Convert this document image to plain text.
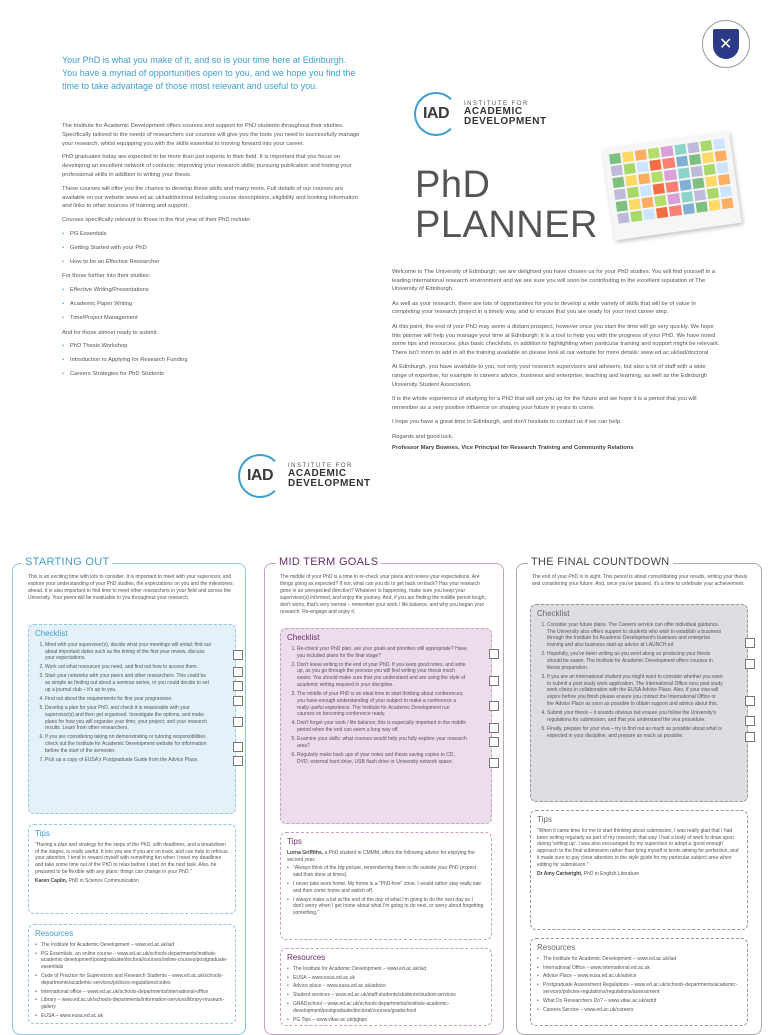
Your PhD is what you make of it, and so is your time here at Edinburgh. You have a myriad of opportunities open to you, and we hope you find the time to take advantage of those most relevant and useful to you.

The Institute for Academic Development offers courses and support for PhD students throughout their studies. Specifically tailored to the needs of researchers our courses will give you the tools you need to successfully manage your research, whilst equipping you with the skills essential to moving forward into your career.

PhD graduates today are expected to be more than just experts in their field. It is important that you focus on developing an excellent network of contacts; improving your research skills; pursuing publication and honing your professional skills in addition to writing your thesis.

These courses will offer you the chance to develop these skills and many more. Full details of our courses are available on our website www.ed.ac.uk/iad/doctoral including course descriptions, eligibility and booking information and links to other sources of training and support.

Courses specifically relevant to those in the first year of their PhD include:

• PG Essentials
• Getting Started with your PhD
• How to be an Effective Researcher

For those further into their studies:

• Effective Writing/Presentations
• Academic Paper Writing
• Time/Project Management

And for those almost ready to submit:

• PhD Thesis Workshop
• Introduction to Applying for Research Funding
• Careers Strategies for PhD Students
✕
IAD
INSTITUTE FOR
ACADEMIC
DEVELOPMENT
PhD
PLANNER

Welcome to The University of Edinburgh; we are delighted you have chosen us for your PhD studies. You will find yourself in a leading international research environment and we are sure you will soon be contributing to the excellent reputation of The University of Edinburgh.

As well as your research, there are lots of opportunities for you to develop a wide variety of skills that will be of value in completing your research project in a timely way, and to ensure that you are ready for your next career step.

At this point, the end of your PhD may seem a distant prospect, however once you start the time will go very quickly. We hope this planner will help you manage your time at Edinburgh; it is a tool to help you with the progress of your PhD. We have noted some tips and resources, plus basic checklists, in addition to highlighting when particular training and support might be relevant. There isn't room to add in all the training available so please look at our website for more details: www.ed.ac.uk/iad/doctoral

At Edinburgh, you have available to you, not only your research supervisors and advisers, but also a lot of staff with a wide range of expertise, for example in careers advice, business and enterprise, teaching and learning, as well as the Edinburgh University Student Association.

It is the whole experience of studying for a PhD that will set you up for the future and we hope it is a period that you will remember as a very positive influence on shaping your future in years to come.

I hope you have a great time in Edinburgh, and don't hesitate to contact us if we can help.

Regards and good luck,

Professor Mary Bownes, Vice Principal for Research Training and Community Relations

IAD
INSTITUTE FOR
ACADEMIC
DEVELOPMENT
STARTING OUT
This is an exciting time with lots to consider. It is important to meet with your supervisor, and explore your understanding of your PhD studies, the expectations on you and the milestones ahead. It is also important to find time to meet other researchers in your field and across the University. Your peers will be invaluable to you throughout your research.
Checklist
1. Meet with your supervisor(s), decide what your meetings will entail; find out about important dates such as the timing of the first year review, discuss your expectations.
2. Work out what resources you need, and find out how to access them.
3. Start your networks with your peers and other researchers. This could be as simple as finding out about a seminar series, or you could decide to set up a journal club – it's up to you.
4. Find out about the requirements for first year progression.
5. Develop a plan for your PhD, and check it is reasonable with your supervisor(s) and then get organised. Investigate the options, and make plans for how you will organise your time; your project; and your research results. Learn from other researchers.
6. If you are considering taking on demonstrating or tutoring responsibilities check out the Institute for Academic Development website for information before the start of the semester.
7. Pick up a copy of EUSA's Postgraduate Guide from the Advice Place.
Tips
"Having a plan and strategy for the steps of the PhD, with deadlines, and a breakdown of the stages, is really useful. It lets you see if you are on track, and can help to refocus your attention. I tend to reward myself with something fun when I meet my deadlines and take some time out of the PhD to relax before I start on the next task. Also, be prepared to be flexible with any plans; things can change in your PhD."
Karen Caplin, PhD in Science Communication
Resources
• The Institute for Academic Development – www.ed.ac.uk/iad
• PG Essentials, an online course – www.ed.ac.uk/schools-departments/institute-academic-development/postgraduate/doctoral/courses/online-courses/postgraduate-essentials
• Code of Practice for Supervisors and Research Students – www.ed.ac.uk/schools-departments/academic-services/policies-regulations/codes
• International office – www.ed.ac.uk/schools-departments/international-office
• Library – www.ed.ac.uk/schools-departments/information-services/library-museum-gallery
• EUSA – www.eusa.ed.ac.uk
MID TERM GOALS
The middle of your PhD is a time to re-check your plans and review your expectations. Are things going as expected? If not, what can you do to get back on track? Has your research gone in an unexpected direction? Whatever is happening, make sure you keep your supervisor(s) informed, and enjoy the journey. And, if you are finding the middle period tough, don't worry, that's very normal – remember your work / life balance, and why you began your research. Re-engage and enjoy it.
Checklist
1. Re-check your PhD plan, are your goals and priorities still appropriate? Have you included plans for the final stage?
2. Don't leave writing to the end of your PhD. If you keep good notes, and write up, as you go through the process you will find writing your thesis much easier. You should make sure that you understand and are using the style of academic writing required in your discipline.
3. The middle of your PhD is an ideal time to start thinking about conferences; you have enough understanding of your subject to make a conference a really useful experience. The Institute for Academic Development run courses on becoming conference ready.
4. Don't forget your work / life balance; this is especially important in the middle period when the end can seem a long way off.
5. Examine your skills: what courses would help you fully explore your research area?
6. Regularly make back ups of your notes and thesis saving copies to CD, DVD, external hard drive, USB flash drive or University network space.
Tips
Lorna Griffiths, a PhD student in CMMM, offers the following advice for enjoying the second year:
• "Always think of the big picture, remembering there is life outside your PhD (expect said than done at times).
• I never take work home. My home is a "PhD-free" zone. I would rather stay really late and then come home and switch off.
• I always make a list at the end of the day of what I'm going to do the next day so I don't worry when I get home about what I'm going to do next, or worry about forgetting something."
Resources
• The Institute for Academic Development – www.ed.ac.uk/iad
• EUSA – www.eusa.ed.ac.uk
• Advice place – www.eusa.ed.ac.uk/advice
• Student services – www.ed.ac.uk/staff-students/students/student-services
• GRADschool – www.ed.ac.uk/schools-departments/institute-academic-development/postgraduate/doctoral/courses/gradschool
• PG Tips – www.vitae.ac.uk/pgtips
THE FINAL COUNTDOWN
The end of your PhD is in sight. This period is about consolidating your results, writing your thesis and considering your future. And, once you've passed, it's a time to celebrate your achievement.
Checklist
1. Consider your future plans. The Careers service can offer individual guidance. The University also offers support to students who wish to establish a business through the Institute for Academic Development's business and enterprise training and also business start-up advice at LAUNCH.ed
2. Hopefully, you've been writing as you went along so producing your thesis should be easier. The Institute for Academic Development offers courses in thesis preparation.
3. If you are an international student you might want to consider whether you want to submit a post study work application. The International Office runs post study work clinics in collaboration with the EUSA Advice Place. Also, if your visa will expire before you finish please ensure you contact the International Office or the Advice Place as soon as possible to obtain support and advice about this.
4. Submit your thesis – it sounds obvious but ensure you follow the University's regulations for submission, and that you understand the viva procedure.
5. Finally, prepare for your viva – try to find out as much as possible about what is expected in your discipline, and prepare as much as possible.
Tips
"When it came time for me to start thinking about submission, I was really glad that I had been writing regularly as part of my research; that way I had a body of work to draw upon during 'writing up'. I was also encouraged by my supervisor to adopt a 'good enough' approach to the final submission rather than tying myself in knots aiming for perfection, and it made sure to pay close attention to the style guide for my particular subject area when editing for submission."
Dr Amy Cartwright, PhD in English Literature
Resources
• The Institute for Academic Development – www.ed.ac.uk/iad
• International Office – www.international.ed.ac.uk
• Advice Place – www.eusa.ed.ac.uk/advice
• Postgraduate Assessment Regulations – www.ed.ac.uk/schools-departments/academic-services/policies-regulations/regulations/assessment
• What Do Researchers Do? – www.vitae.ac.uk/wdrd
• Careers Service – www.ed.ac.uk/careers
